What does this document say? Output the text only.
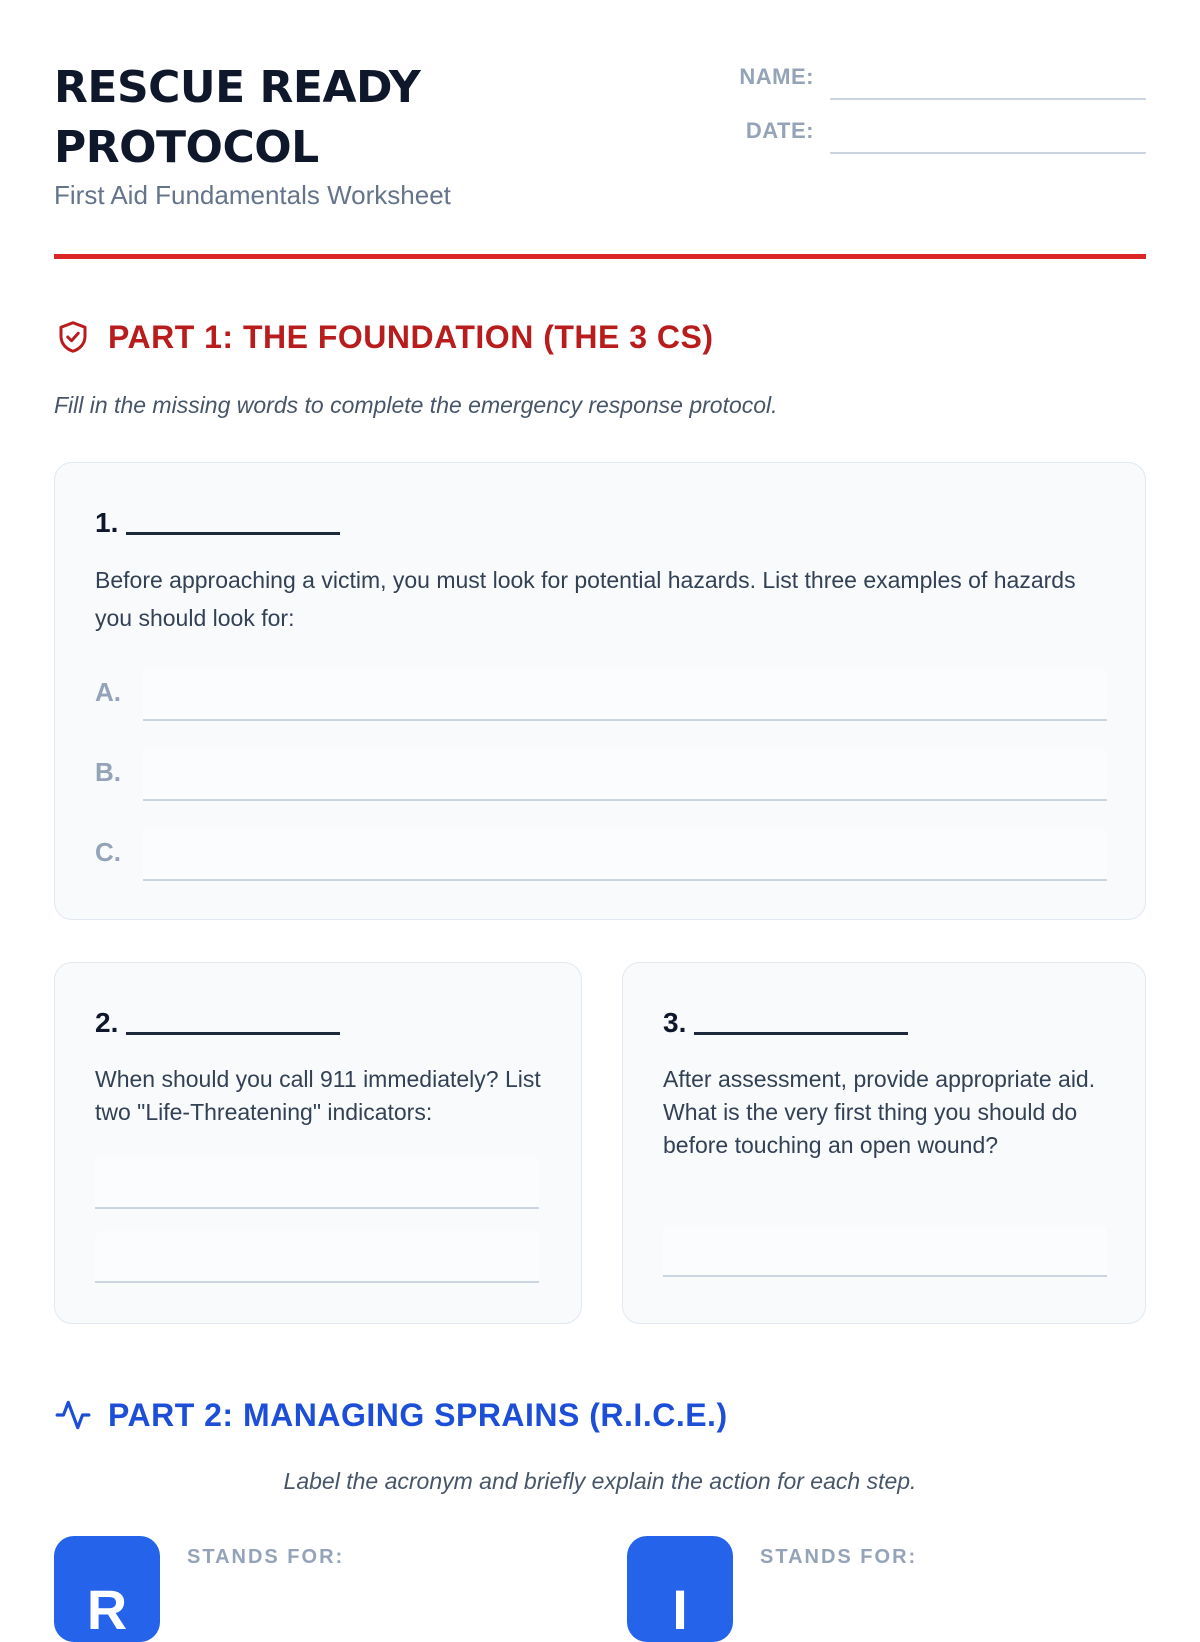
RESCUE READY
PROTOCOL
First Aid Fundamentals Worksheet
NAME:
DATE:
PART 1: THE FOUNDATION (THE 3 CS)
Fill in the missing words to complete the emergency response protocol.
1.
Before approaching a victim, you must look for potential hazards. List three examples of hazards you should look for:
A.
B.
C.
2.
When should you call 911 immediately? List two "Life-Threatening" indicators:
3.
After assessment, provide appropriate aid. What is the very first thing you should do before touching an open wound?
PART 2: MANAGING SPRAINS (R.I.C.E.)
Label the acronym and briefly explain the action for each step.
R
STANDS FOR:
I
STANDS FOR:
